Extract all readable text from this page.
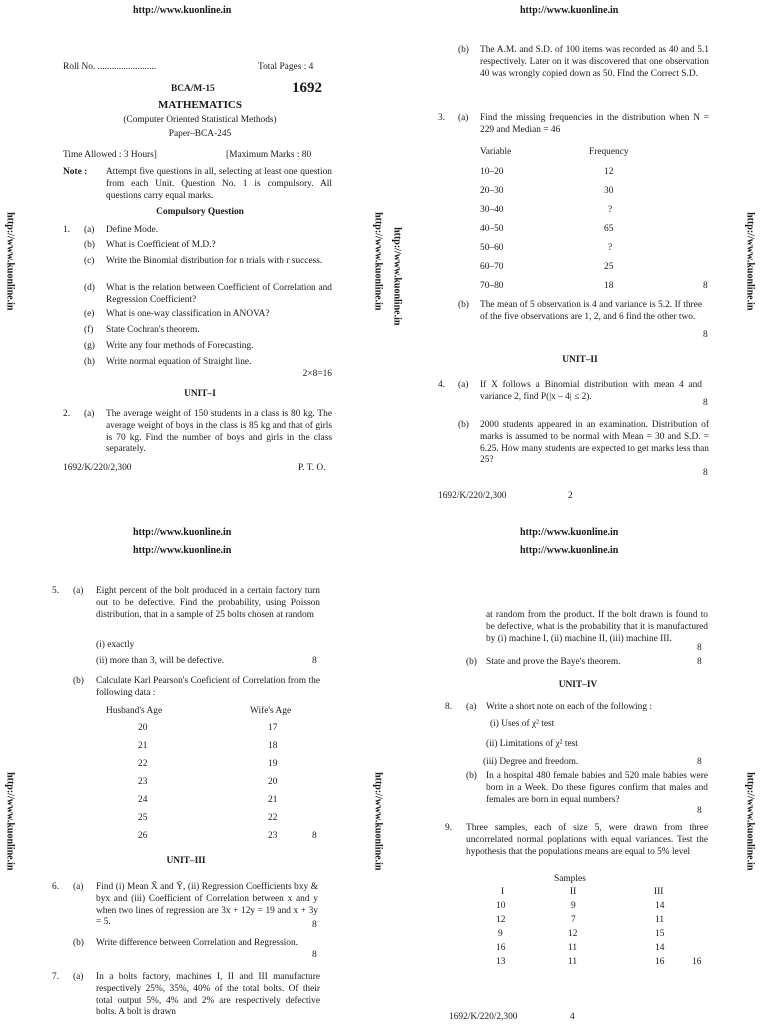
http://www.kuonline.in	http://www.kuonline.in
http://www.kuonline.in	http://www.kuonline.in http://www.kuonline.in	http://www.kuonline.in
http://www.kuonline.in	http://www.kuonline.in	http://www.kuonline.in
Roll No. .........................	Total Pages : 4
BCA/M-15	1692
MATHEMATICS
(Computer Oriented Statistical Methods)
Paper–BCA-245
Time Allowed : 3 Hours]	[Maximum Marks : 80
Note : Attempt five questions in all, selecting at least one question from each Unit. Question No. 1 is compulsory. All questions carry equal marks.
Compulsory Question
1. (a) Define Mode.
(b) What is Coefficient of M.D.?
(c) Write the Binomial distribution for n trials with r success.
(d) What is the relation between Coefficient of Correlation and Regression Coefficient?
(e) What is one-way classification in ANOVA?
(f) State Cochran's theorem.
(g) Write any four methods of Forecasting.
(h) Write normal equation of Straight line.
2×8=16
UNIT–I
2. (a) The average weight of 150 students in a class is 80 kg. The average weight of boys in the class is 85 kg and that of girls is 70 kg. Find the number of boys and girls in the class separately.
1692/K/220/2,300	P. T. O.
(b) The A.M. and S.D. of 100 items was recorded as 40 and 5.1 respectively. Later on it was discovered that one observation 40 was wrongly copied down as 50. FInd the Correct S.D.
3. (a) Find the missing frequencies in the distribution when N = 229 and Median = 46
Variable	Frequency
10–20	12
20–30	30
30–40	?
40–50	65
50–60	?
60–70	25
70–80	18	8
(b) The mean of 5 observation is 4 and variance is 5.2. If three of the five observations are 1, 2, and 6 find the other two.
8
UNIT–II
4. (a) If X follows a Binomial distribution with mean 4 and variance 2, find P(|x – 4| ≤ 2).
8
(b) 2000 students appeared in an examination. Distribution of marks is assumed to be normal with Mean = 30 and S.D. = 6.25. How many students are expected to get marks less than 25?
8
1692/K/220/2,300	2
http://www.kuonline.in
http://www.kuonline.in
http://www.kuonline.in
http://www.kuonline.in
5. (a) Eight percent of the bolt produced in a certain factory turn out to be defective. Find the probability, using Poisson distribution, that in a sample of 25 bolts chosen at random
(i) exactly
(ii) more than 3, will be defective.	8
(b) Calculate Karl Pearson's Coeficient of Correlation from the following data :
Husband's Age	Wife's Age
20	17
21	18
22	19
23	20
24	21
25	22
26	23	8
UNIT–III
6. (a) Find (i) Mean X̄ and Ȳ, (ii) Regression Coefficients bxy & byx and (iii) Coefficient of Correlation between x and y when two lines of regression are 3x + 12y = 19 and x + 3y = 5.	8
(b) Write difference between Correlation and Regression.
8
7. (a) In a bolts factory, machines I, II and III manufacture respectively 25%, 35%, 40% of the total bolts. Of their total output 5%, 4% and 2% are respectively defective bolts. A bolt is drawn
at random from the product. If the bolt drawn is found to be defective, what is the probability that it is manufactured by (i) machine I, (ii) machine II, (iii) machine III.
8
(b) State and prove the Baye's theorem.	8
UNIT–IV
8. (a) Write a short note on each of the following :
(i) Uses of χ² test
(ii) Limitations of χ² test
(iii) Degree and freedom.	8
(b) In a hospital 480 female babies and 520 male babies were born in a Week. Do these figures confirm that males and females are born in equal numbers?
8
9. Three samples, each of size 5, were drawn from three uncorrelated normal poplations with equal variances. Test the hypothesis that the populations means are equal to 5% level
Samples
I	II	III
10	9	14
12	7	11
9	12	15
16	11	14
13	11	16	16
1692/K/220/2,300	4
